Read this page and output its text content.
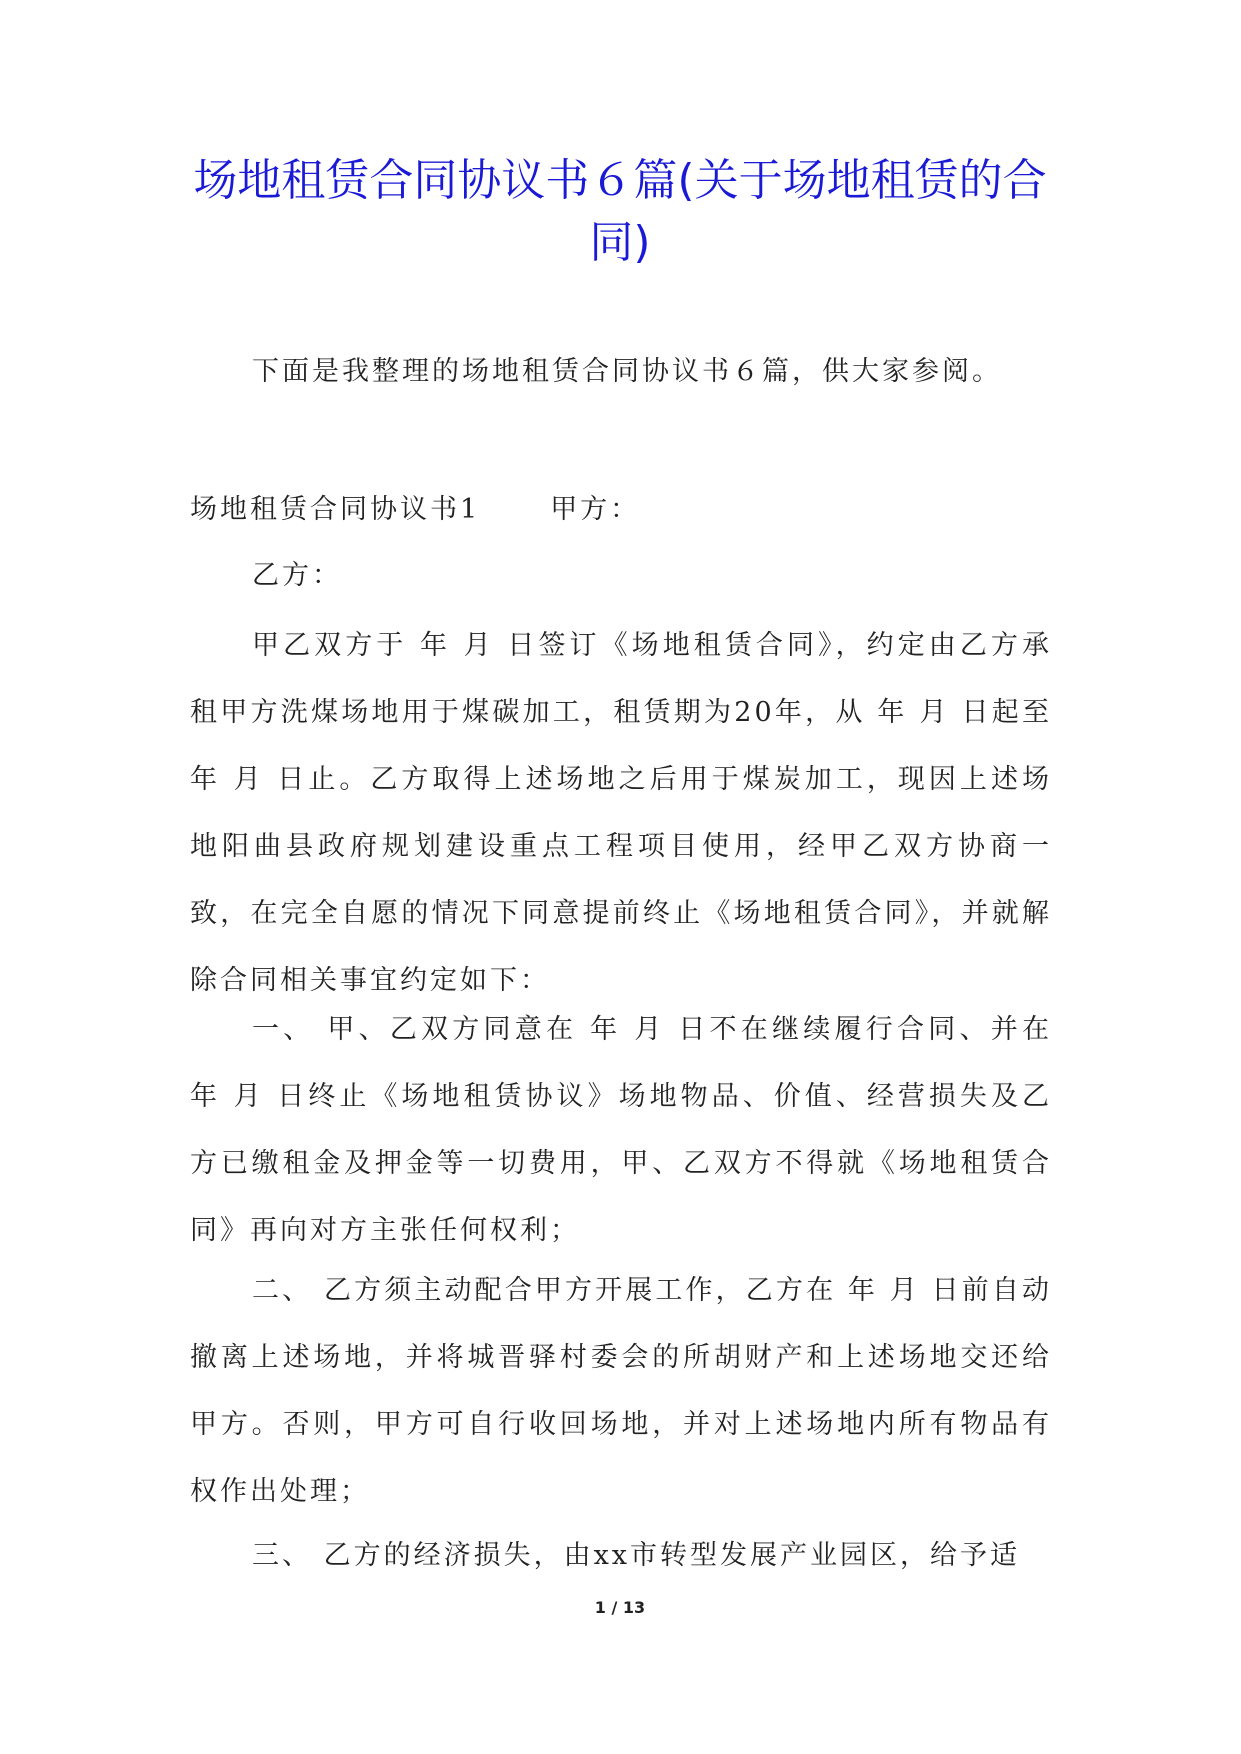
场地租赁合同协议书６篇(关于场地租赁的合同)

下面是我整理的场地租赁合同协议书６篇，供大家参阅。

场地租赁合同协议书1	甲方：

乙方：

甲乙双方于 年 月 日签订《场地租赁合同》，约定由乙方承租甲方洗煤场地用于煤碳加工，租赁期为20年，从 年 月 日起至 年 月 日止。乙方取得上述场地之后用于煤炭加工，现因上述场地阳曲县政府规划建设重点工程项目使用，经甲乙双方协商一致，在完全自愿的情况下同意提前终止《场地租赁合同》，并就解除合同相关事宜约定如下：

一、 甲、乙双方同意在 年 月 日不在继续履行合同、并在 年 月 日终止《场地租赁协议》场地物品、价值、经营损失及乙方已缴租金及押金等一切费用，甲、乙双方不得就《场地租赁合同》再向对方主张任何权利；

二、 乙方须主动配合甲方开展工作，乙方在 年 月 日前自动撤离上述场地，并将城晋驿村委会的所胡财产和上述场地交还给甲方。否则，甲方可自行收回场地，并对上述场地内所有物品有权作出处理；

三、 乙方的经济损失，由xx市转型发展产业园区，给予适

1 / 13
